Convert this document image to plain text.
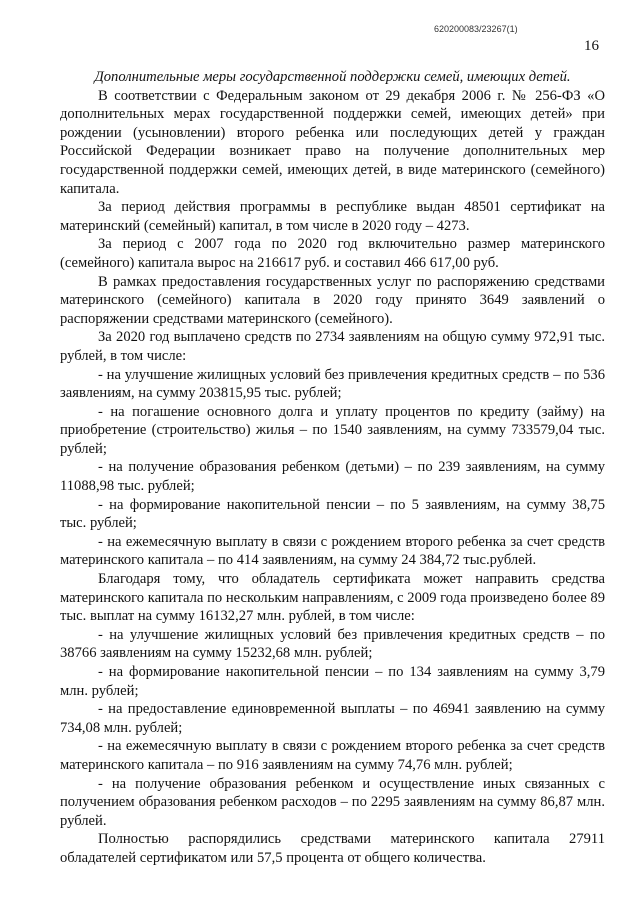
620200083/23267(1)
16

Дополнительные меры государственной поддержки семей, имеющих детей.

В соответствии с Федеральным законом от 29 декабря 2006 г. № 256-ФЗ «О дополнительных мерах государственной поддержки семей, имеющих детей» при рождении (усыновлении) второго ребенка или последующих детей у граждан Российской Федерации возникает право на получение дополнительных мер государственной поддержки семей, имеющих детей, в виде материнского (семейного) капитала.

За период действия программы в республике выдан 48501 сертификат на материнский (семейный) капитал, в том числе в 2020 году – 4273.

За период с 2007 года по 2020 год включительно размер материнского (семейного) капитала вырос на 216617 руб. и составил 466 617,00 руб.

В рамках предоставления государственных услуг по распоряжению средствами материнского (семейного) капитала в 2020 году принято 3649 заявлений о распоряжении средствами материнского (семейного).

За 2020 год выплачено средств по 2734 заявлениям на общую сумму 972,91 тыс. рублей, в том числе:

- на улучшение жилищных условий без привлечения кредитных средств – по 536 заявлениям, на сумму 203815,95 тыс. рублей;

- на погашение основного долга и уплату процентов по кредиту (займу) на приобретение (строительство) жилья – по 1540 заявлениям, на сумму 733579,04 тыс. рублей;

- на получение образования ребенком (детьми) – по 239 заявлениям, на сумму 11088,98 тыс. рублей;

- на формирование накопительной пенсии – по 5 заявлениям, на сумму 38,75 тыс. рублей;

- на ежемесячную выплату в связи с рождением второго ребенка за счет средств материнского капитала – по 414 заявлениям, на сумму 24 384,72 тыс.рублей.

Благодаря тому, что обладатель сертификата может направить средства материнского капитала по нескольким направлениям, с 2009 года произведено более 89 тыс. выплат на сумму 16132,27 млн. рублей, в том числе:

- на улучшение жилищных условий без привлечения кредитных средств – по 38766 заявлениям на сумму 15232,68 млн. рублей;

- на формирование накопительной пенсии – по 134 заявлениям на сумму 3,79 млн. рублей;

- на предоставление единовременной выплаты – по 46941 заявлению на сумму 734,08 млн. рублей;

- на ежемесячную выплату в связи с рождением второго ребенка за счет средств материнского капитала – по 916 заявлениям на сумму 74,76 млн. рублей;

- на получение образования ребенком и осуществление иных связанных с получением образования ребенком расходов – по 2295 заявлениям на сумму 86,87 млн. рублей.

Полностью распорядились средствами материнского капитала 27911 обладателей сертификатом или 57,5 процента от общего количества.
